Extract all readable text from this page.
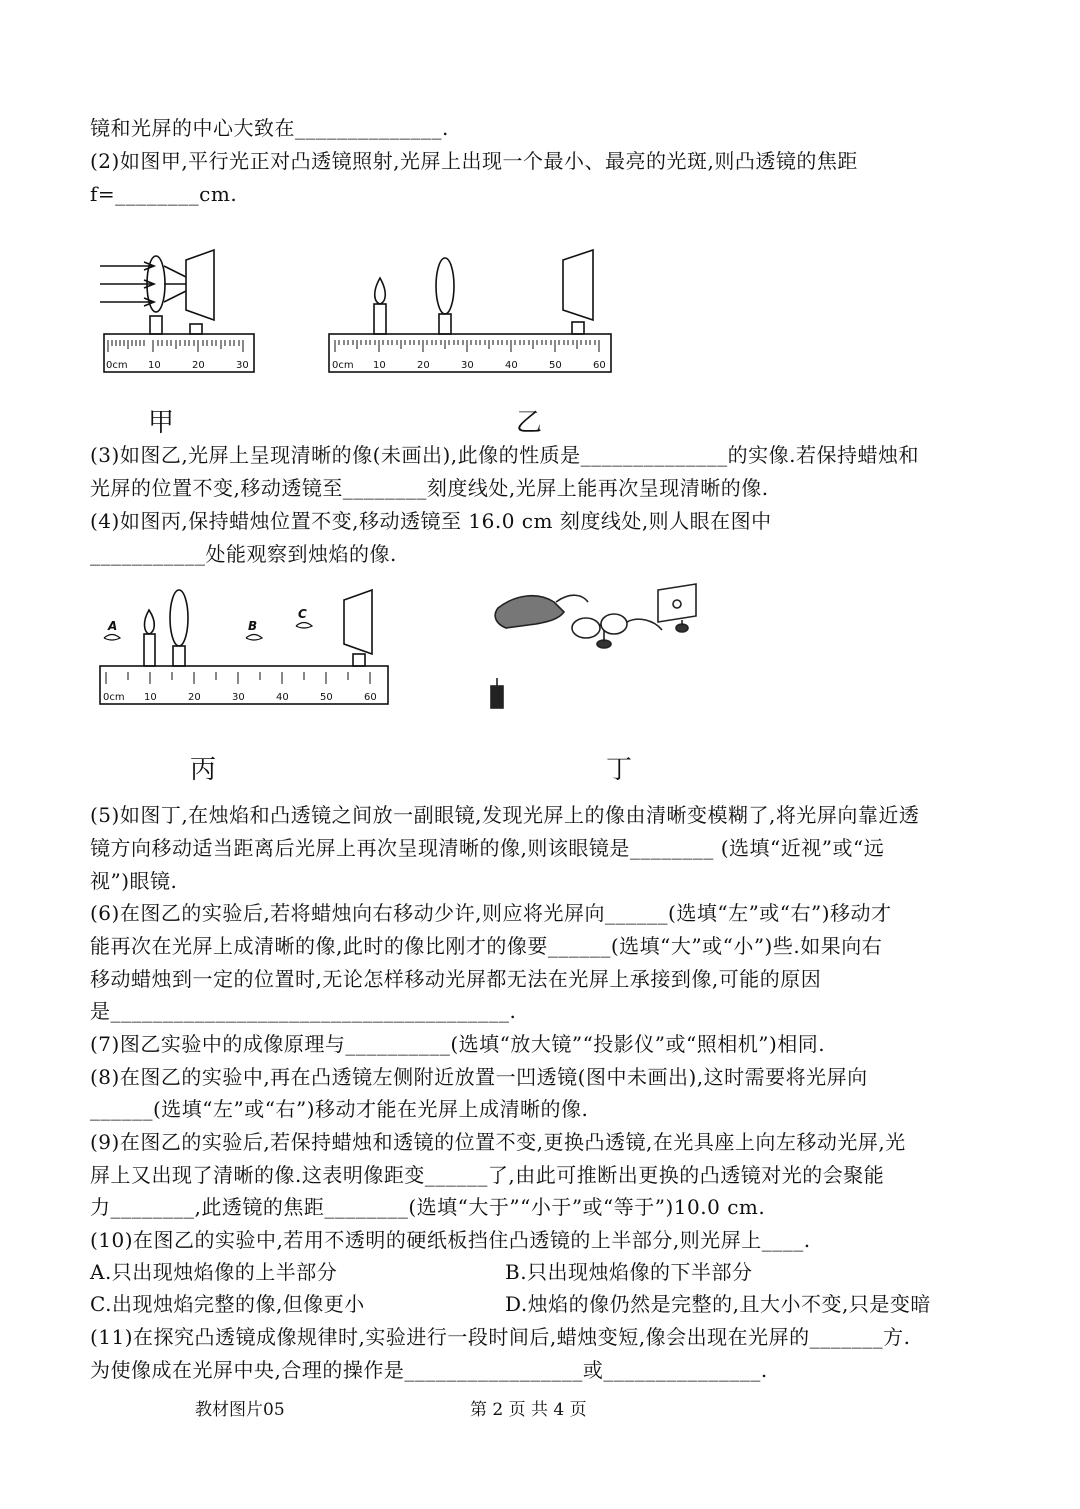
镜和光屏的中心大致在______________.
(2)如图甲,平行光正对凸透镜照射,光屏上出现一个最小、最亮的光斑,则凸透镜的焦距
f=________cm.
0cm 10	20	30	0cm 10	20	30	40	50	60
甲	乙
(3)如图乙,光屏上呈现清晰的像(未画出),此像的性质是______________的实像.若保持蜡烛和
光屏的位置不变,移动透镜至________刻度线处,光屏上能再次呈现清晰的像.
(4)如图丙,保持蜡烛位置不变,移动透镜至 16.0 cm 刻度线处,则人眼在图中
___________处能观察到烛焰的像.
0cm 10	20	30	40	50	60
A	B
C
丙	丁
(5)如图丁,在烛焰和凸透镜之间放一副眼镜,发现光屏上的像由清晰变模糊了,将光屏向靠近透
镜方向移动适当距离后光屏上再次呈现清晰的像,则该眼镜是________ (选填“近视”或“远
视”)眼镜.
(6)在图乙的实验后,若将蜡烛向右移动少许,则应将光屏向______(选填“左”或“右”)移动才
能再次在光屏上成清晰的像,此时的像比刚才的像要______(选填“大”或“小”)些.如果向右
移动蜡烛到一定的位置时,无论怎样移动光屏都无法在光屏上承接到像,可能的原因
是______________________________________.
(7)图乙实验中的成像原理与__________(选填“放大镜”“投影仪”或“照相机”)相同.
(8)在图乙的实验中,再在凸透镜左侧附近放置一凹透镜(图中未画出),这时需要将光屏向
______(选填“左”或“右”)移动才能在光屏上成清晰的像.
(9)在图乙的实验后,若保持蜡烛和透镜的位置不变,更换凸透镜,在光具座上向左移动光屏,光
屏上又出现了清晰的像.这表明像距变______了,由此可推断出更换的凸透镜对光的会聚能
力________,此透镜的焦距________(选填“大于”“小于”或“等于”)10.0 cm.
(10)在图乙的实验中,若用不透明的硬纸板挡住凸透镜的上半部分,则光屏上____.
A.只出现烛焰像的上半部分	B.只出现烛焰像的下半部分
C.出现烛焰完整的像,但像更小	D.烛焰的像仍然是完整的,且大小不变,只是变暗
(11)在探究凸透镜成像规律时,实验进行一段时间后,蜡烛变短,像会出现在光屏的_______方.
为使像成在光屏中央,合理的操作是_________________或_______________.
教材图片05	第 2 页 共 4 页
